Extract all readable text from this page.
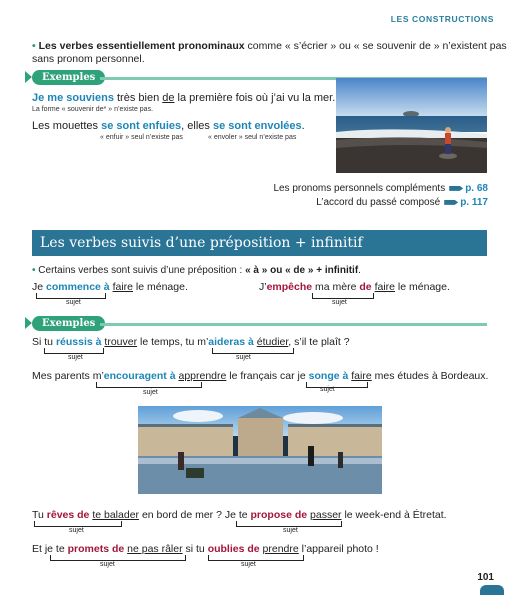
LES CONSTRUCTIONS
• Les verbes essentiellement pronominaux comme « s’écrier » ou « se souvenir de » n’existent pas
sans pronom personnel.
Exemples
Je me souviens très bien de la première fois où j’ai vu la mer.
La forme « souvenir de* » n’existe pas.
Les mouettes se sont enfuies, elles se sont envolées.
« enfuir » seul n’existe pas	« envoler » seul n’existe pas
Les pronoms personnels compléments p. 68
L’accord du passé composé p. 117
Les verbes suivis d’une préposition + infinitif
• Certains verbes sont suivis d’une préposition : « à » ou « de » + infinitif.
Je commence à faire le ménage.
sujet
J’empêche ma mère de faire le ménage.
sujet
Exemples
Si tu réussis à trouver le temps, tu m’aideras à étudier, s’il te plaît ?
sujet	sujet
Mes parents m’encouragent à apprendre le français car je songe à faire mes études à Bordeaux.
sujet	sujet
Tu rêves de te balader en bord de mer ? Je te propose de passer le week-end à Étretat.
sujet	sujet
Et je te promets de ne pas râler si tu oublies de prendre l’appareil photo !
sujet	sujet
101
